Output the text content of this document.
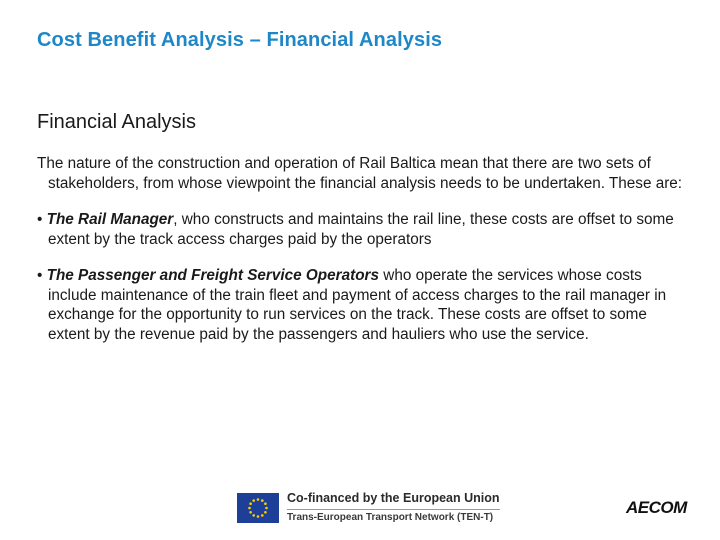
Cost Benefit Analysis – Financial Analysis
Financial Analysis

The nature of the construction and operation of Rail Baltica mean that there are two sets of stakeholders, from whose viewpoint the financial analysis needs to be undertaken. These are:

• The Rail Manager, who constructs and maintains the rail line, these costs are offset to some extent by the track access charges paid by the operators

• The Passenger and Freight Service Operators who operate the services whose costs include maintenance of the train fleet and payment of access charges to the rail manager in exchange for the opportunity to run services on the track. These costs are offset to some extent by the revenue paid by the passengers and hauliers who use the service.

Co-financed by the European Union
Trans-European Transport Network (TEN-T)
AECOM
